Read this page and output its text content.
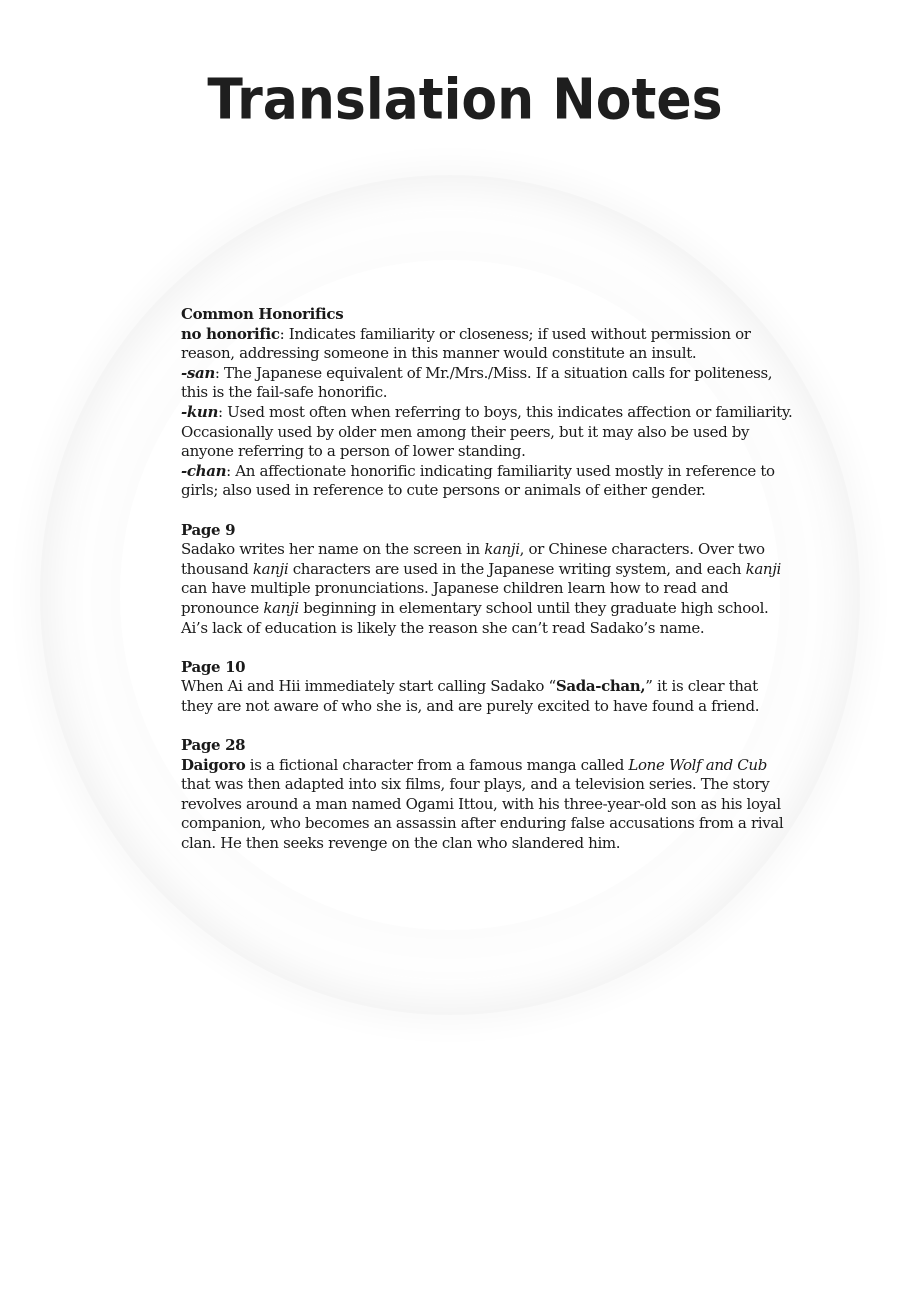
Translation Notes

Common Honorifics

no honorific: Indicates familiarity or closeness; if used without permission or reason, addressing someone in this manner would constitute an insult.

-san: The Japanese equivalent of Mr./Mrs./Miss. If a situation calls for politeness, this is the fail-safe honorific.

-kun: Used most often when referring to boys, this indicates affection or familiarity. Occasionally used by older men among their peers, but it may also be used by anyone referring to a person of lower standing.

-chan: An affectionate honorific indicating familiarity used mostly in reference to girls; also used in reference to cute persons or animals of either gender.

Page 9

Sadako writes her name on the screen in kanji, or Chinese characters. Over two thousand kanji characters are used in the Japanese writing system, and each kanji can have multiple pronunciations. Japanese children learn how to read and pronounce kanji beginning in elementary school until they graduate high school. Ai’s lack of education is likely the reason she can’t read Sadako’s name.

Page 10

When Ai and Hii immediately start calling Sadako “Sada-chan,” it is clear that they are not aware of who she is, and are purely excited to have found a friend.

Page 28

Daigoro is a fictional character from a famous manga called Lone Wolf and Cub that was then adapted into six films, four plays, and a television series. The story revolves around a man named Ogami Ittou, with his three-year-old son as his loyal companion, who becomes an assassin after enduring false accusations from a rival clan. He then seeks revenge on the clan who slandered him.
